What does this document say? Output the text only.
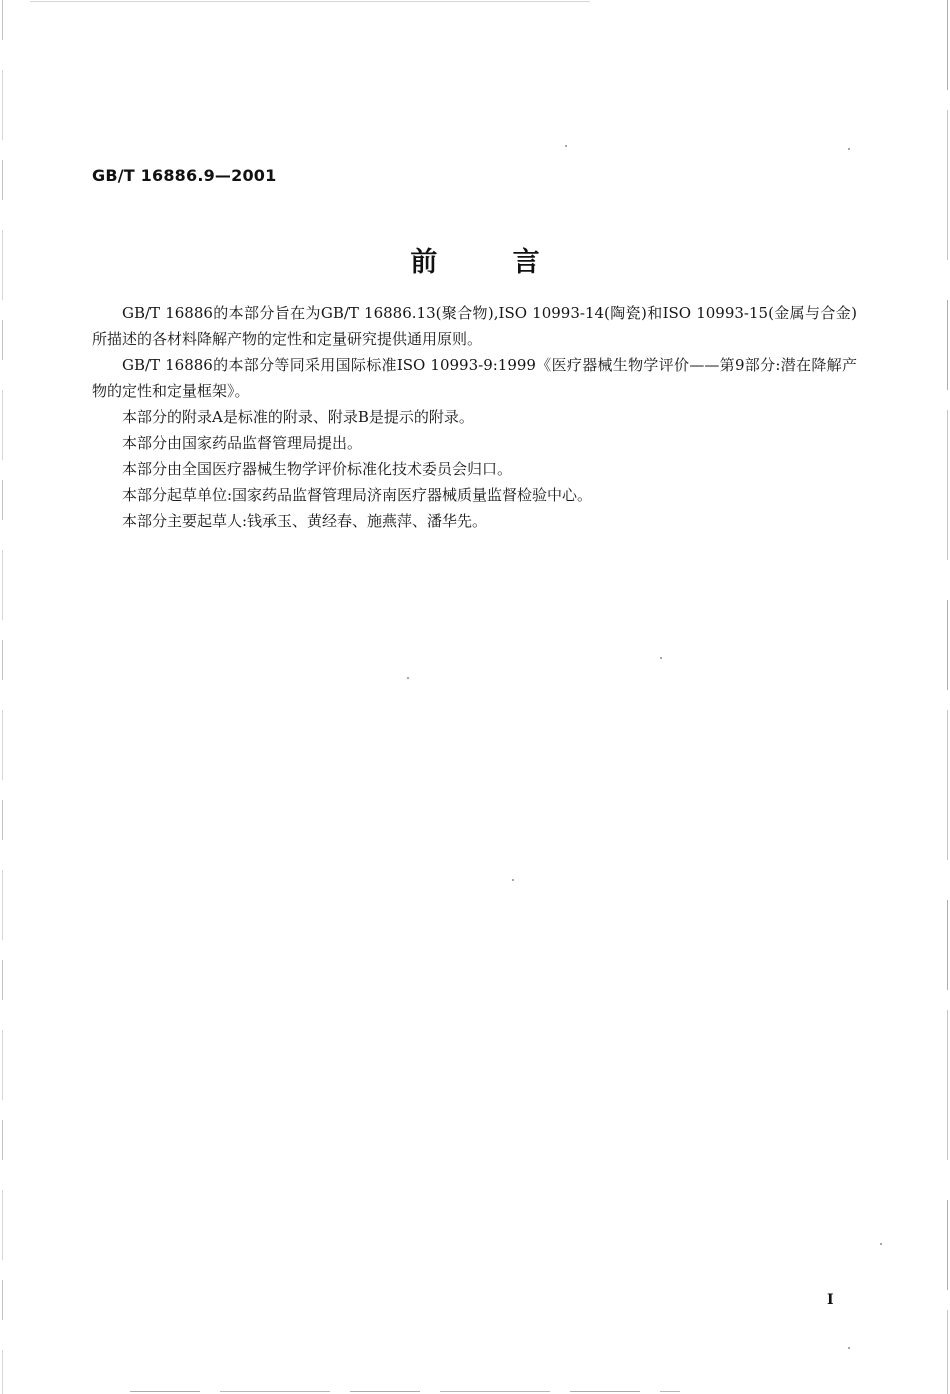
GB/T 16886.9—2001
前        言

GB/T 16886的本部分旨在为GB/T 16886.13(聚合物),ISO 10993-14(陶瓷)和ISO 10993-15(金属与合金)所描述的各材料降解产物的定性和定量研究提供通用原则。

GB/T 16886的本部分等同采用国际标准ISO 10993-9:1999《医疗器械生物学评价——第9部分:潜在降解产物的定性和定量框架》。

本部分的附录A是标准的附录、附录B是提示的附录。

本部分由国家药品监督管理局提出。

本部分由全国医疗器械生物学评价标准化技术委员会归口。

本部分起草单位:国家药品监督管理局济南医疗器械质量监督检验中心。

本部分主要起草人:钱承玉、黄经春、施燕萍、潘华先。

I
